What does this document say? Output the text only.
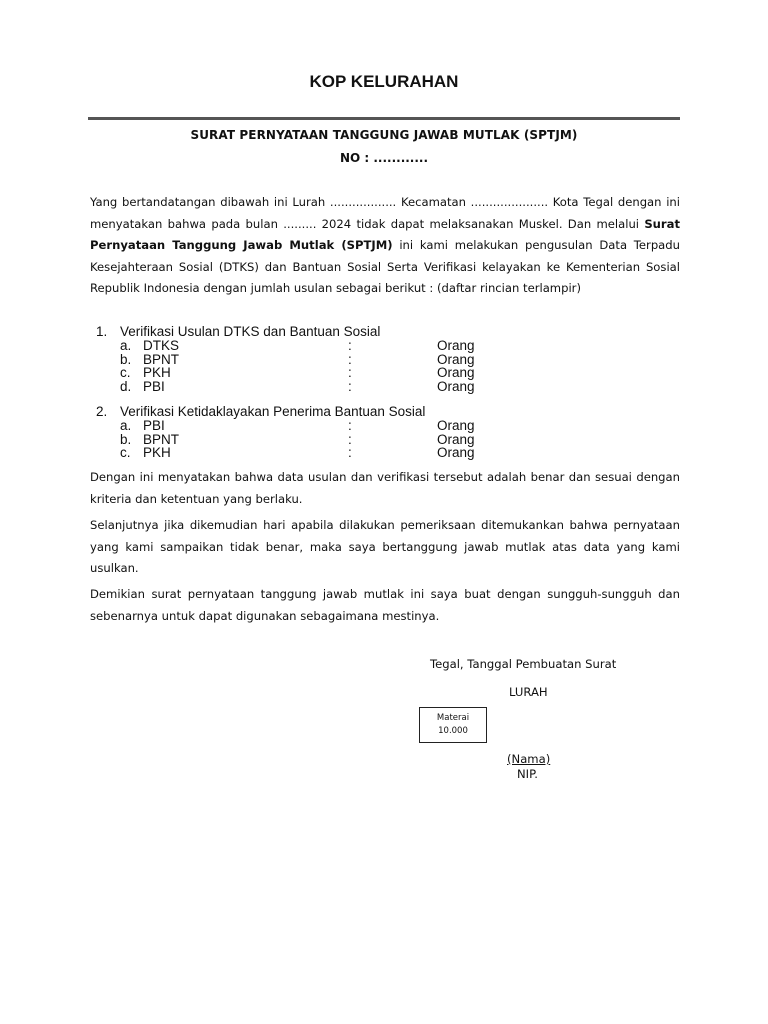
KOP KELURAHAN
SURAT PERNYATAAN TANGGUNG JAWAB MUTLAK (SPTJM)
NO : ............
Yang bertandatangan dibawah ini Lurah .................. Kecamatan ..................... Kota Tegal dengan ini menyatakan bahwa pada bulan ......... 2024 tidak dapat melaksanakan Muskel. Dan melalui Surat Pernyataan Tanggung Jawab Mutlak (SPTJM) ini kami melakukan pengusulan Data Terpadu Kesejahteraan Sosial (DTKS) dan Bantuan Sosial Serta Verifikasi kelayakan ke Kementerian Sosial Republik Indonesia dengan jumlah usulan sebagai berikut : (daftar rincian terlampir)
1. Verifikasi Usulan DTKS dan Bantuan Sosial
a. DTKS	:	Orang
b. BPNT	:	Orang
c. PKH	:	Orang
d. PBI	:	Orang
2. Verifikasi Ketidaklayakan Penerima Bantuan Sosial
a. PBI	:	Orang
b. BPNT	:	Orang
c. PKH	:	Orang
Dengan ini menyatakan bahwa data usulan dan verifikasi tersebut adalah benar dan sesuai dengan kriteria dan ketentuan yang berlaku.
Selanjutnya jika dikemudian hari apabila dilakukan pemeriksaan ditemukankan bahwa pernyataan yang kami sampaikan tidak benar, maka saya bertanggung jawab mutlak atas data yang kami usulkan.
Demikian surat pernyataan tanggung jawab mutlak ini saya buat dengan sungguh-sungguh dan sebenarnya untuk dapat digunakan sebagaimana mestinya.
Tegal, Tanggal Pembuatan Surat
LURAH
Materai
10.000
(Nama)
NIP.
